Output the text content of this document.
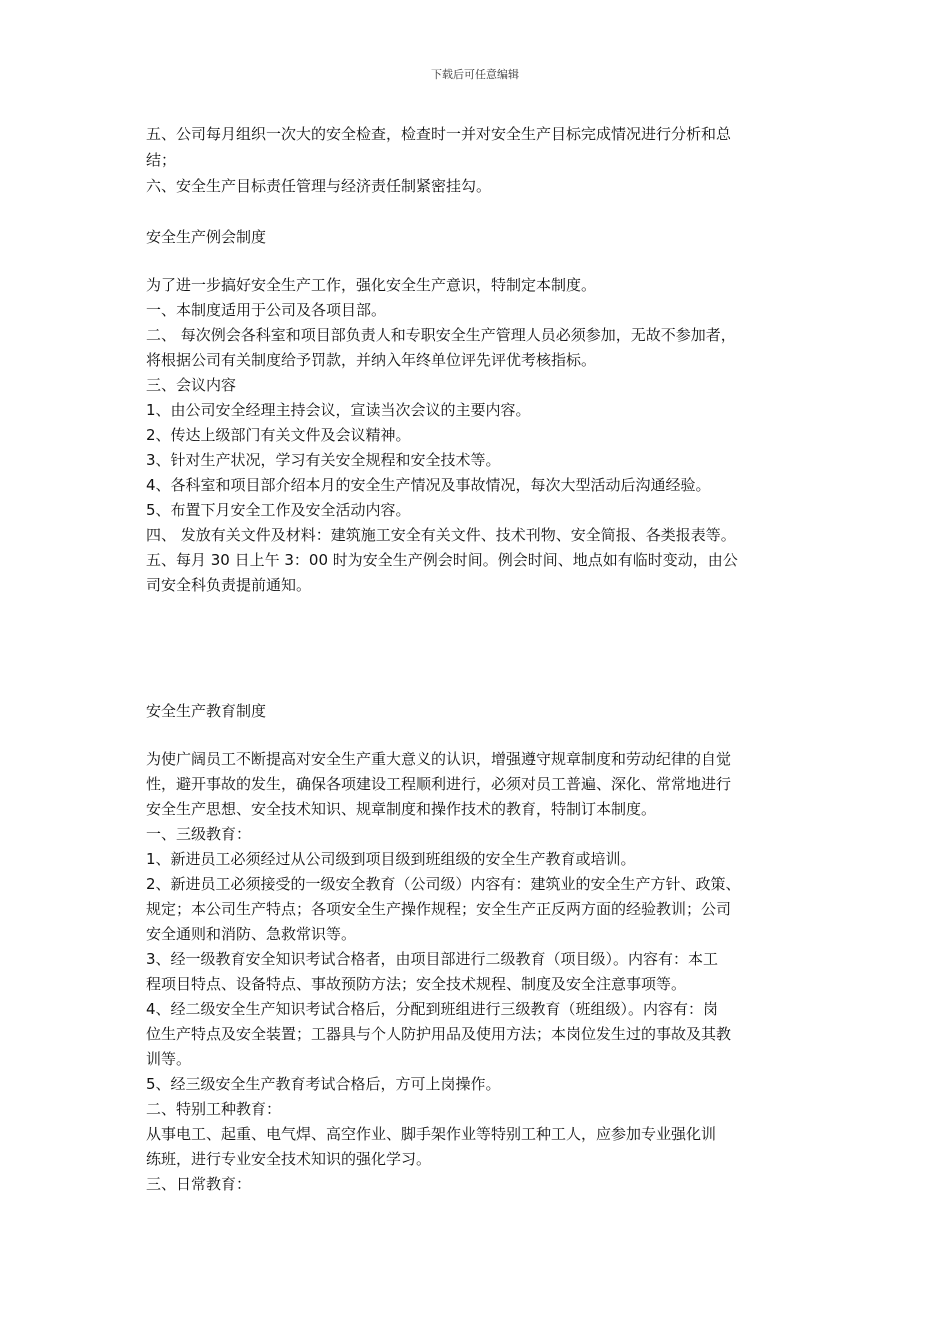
下载后可任意编辑
五、公司每月组织一次大的安全检查，检查时一并对安全生产目标完成情况进行分析和总
结；
六、安全生产目标责任管理与经济责任制紧密挂勾。
安全生产例会制度
为了进一步搞好安全生产工作，强化安全生产意识，特制定本制度。
一、本制度适用于公司及各项目部。
二、 每次例会各科室和项目部负责人和专职安全生产管理人员必须参加，无故不参加者，
将根据公司有关制度给予罚款，并纳入年终单位评先评优考核指标。
三、会议内容
1、由公司安全经理主持会议，宣读当次会议的主要内容。
2、传达上级部门有关文件及会议精神。
3、针对生产状况，学习有关安全规程和安全技术等。
4、各科室和项目部介绍本月的安全生产情况及事故情况，每次大型活动后沟通经验。
5、布置下月安全工作及安全活动内容。
四、 发放有关文件及材料：建筑施工安全有关文件、技术刊物、安全简报、各类报表等。
五、每月 30 日上午 3：00 时为安全生产例会时间。例会时间、地点如有临时变动，由公
司安全科负责提前通知。
安全生产教育制度
为使广阔员工不断提高对安全生产重大意义的认识，增强遵守规章制度和劳动纪律的自觉
性，避开事故的发生，确保各项建设工程顺利进行，必须对员工普遍、深化、常常地进行
安全生产思想、安全技术知识、规章制度和操作技术的教育，特制订本制度。
一、三级教育：
1、新进员工必须经过从公司级到项目级到班组级的安全生产教育或培训。
2、新进员工必须接受的一级安全教育（公司级）内容有：建筑业的安全生产方针、政策、
规定；本公司生产特点；各项安全生产操作规程；安全生产正反两方面的经验教训；公司
安全通则和消防、急救常识等。
3、经一级教育安全知识考试合格者，由项目部进行二级教育（项目级）。内容有：本工
程项目特点、设备特点、事故预防方法；安全技术规程、制度及安全注意事项等。
4、经二级安全生产知识考试合格后，分配到班组进行三级教育（班组级）。内容有：岗
位生产特点及安全装置；工器具与个人防护用品及使用方法；本岗位发生过的事故及其教
训等。
5、经三级安全生产教育考试合格后，方可上岗操作。
二、特别工种教育：
从事电工、起重、电气焊、高空作业、脚手架作业等特别工种工人，应参加专业强化训
练班，进行专业安全技术知识的强化学习。
三、日常教育：
